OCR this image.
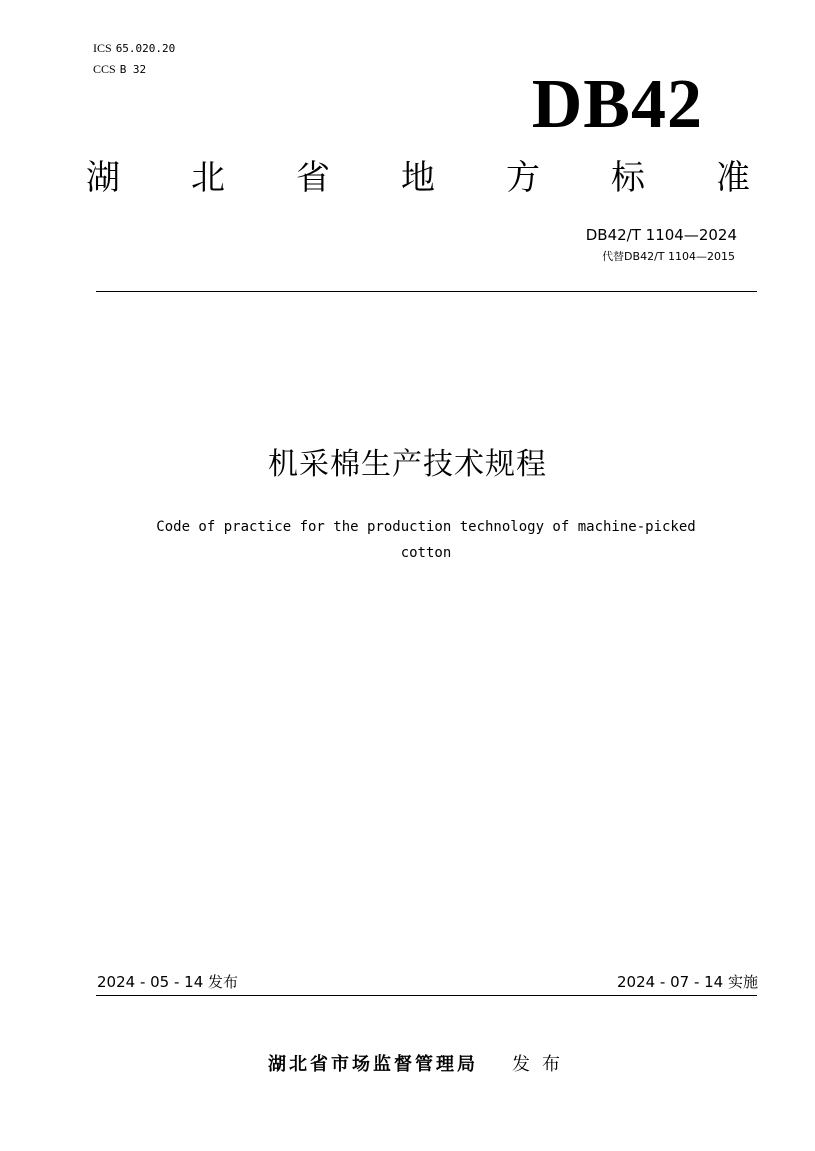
ICS 65.020.20
CCS B 32	DB42
湖 北 省 地 方 标 准
DB42/T 1104—2024
代替DB42/T 1104—2015
机采棉生产技术规程
Code of practice for the production technology of machine-picked
cotton
2024 - 05 - 14 发布	2024 - 07 - 14 实施
湖北省市场监督管理局 发布
